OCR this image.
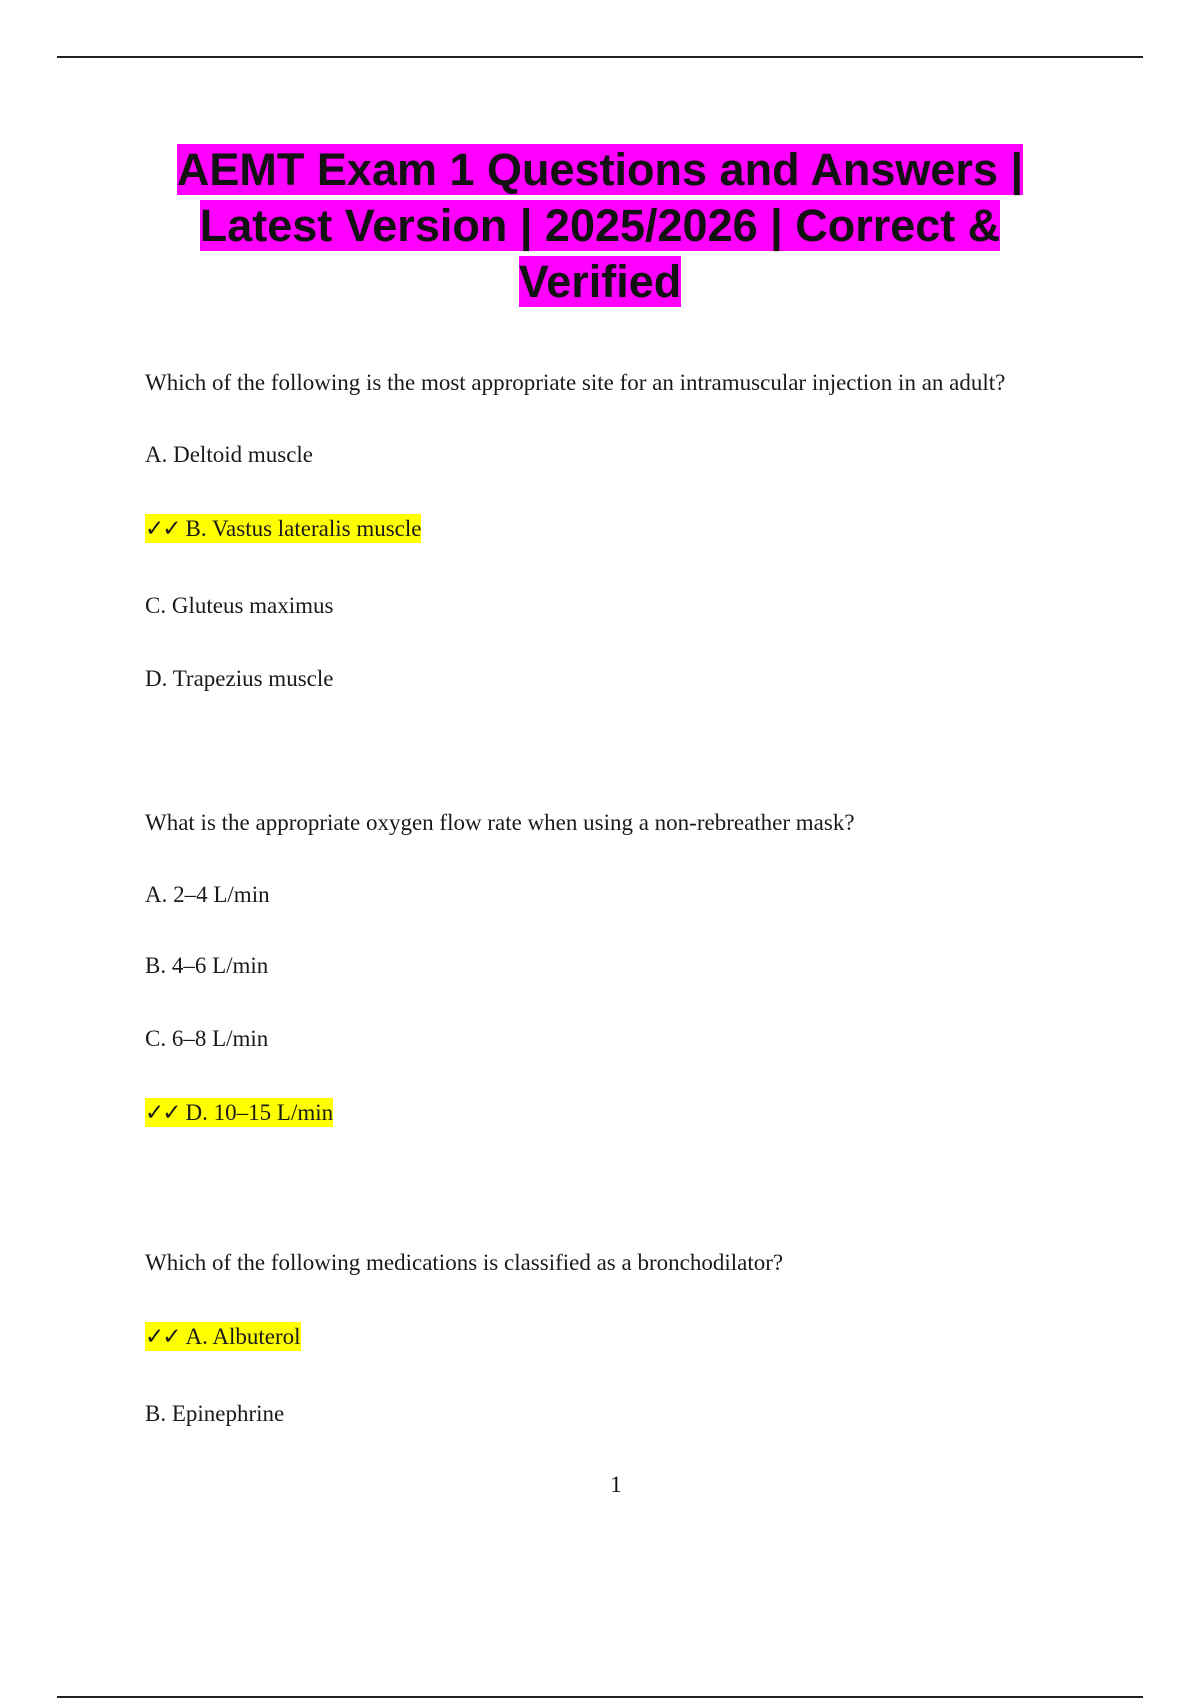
AEMT Exam 1 Questions and Answers | Latest Version | 2025/2026 | Correct & Verified

Which of the following is the most appropriate site for an intramuscular injection in an adult?

A. Deltoid muscle

✓✓ B. Vastus lateralis muscle

C. Gluteus maximus

D. Trapezius muscle

What is the appropriate oxygen flow rate when using a non-rebreather mask?

A. 2–4 L/min

B. 4–6 L/min

C. 6–8 L/min

✓✓ D. 10–15 L/min

Which of the following medications is classified as a bronchodilator?

✓✓ A. Albuterol

B. Epinephrine

1
